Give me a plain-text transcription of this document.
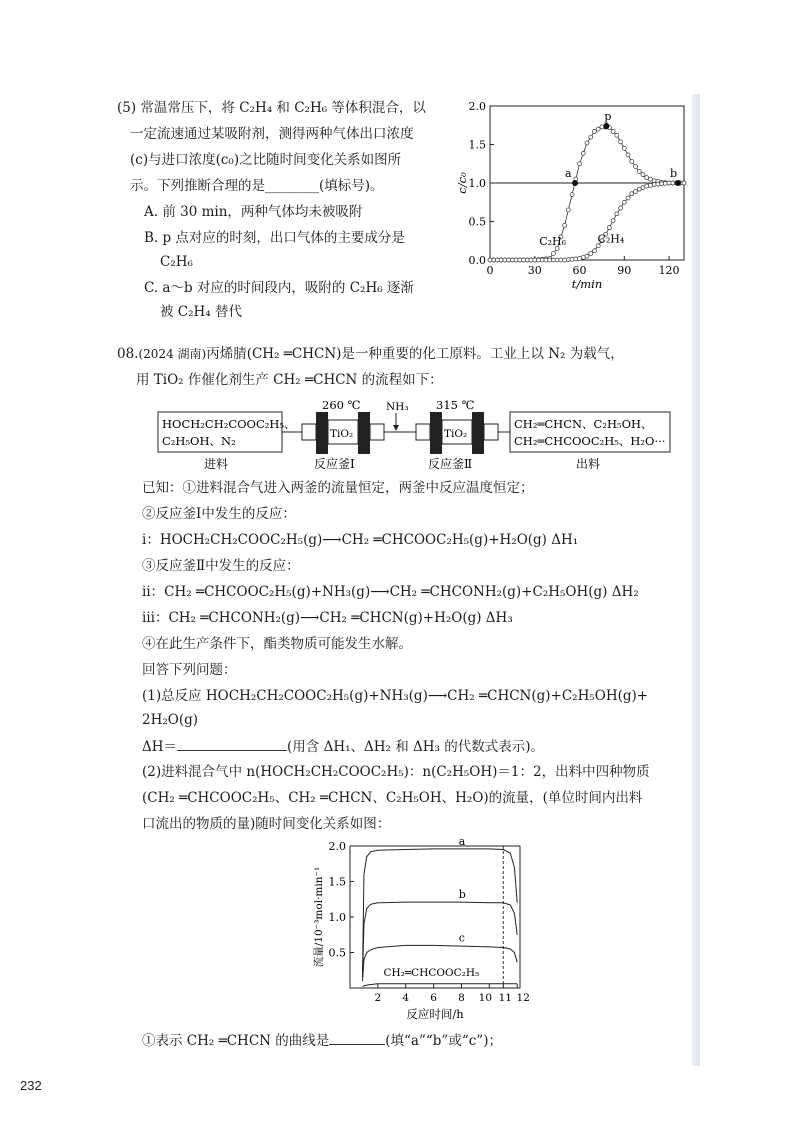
(5) 常温常压下，将 C₂H₄ 和 C₂H₆ 等体积混合，以
一定流速通过某吸附剂，测得两种气体出口浓度
(c)与进口浓度(c₀)之比随时间变化关系如图所
示。下列推断合理的是________(填标号)。
A. 前 30 min，两种气体均未被吸附
B. p 点对应的时刻，出口气体的主要成分是
C₂H₆
C. a～b 对应的时间段内，吸附的 C₂H₆ 逐渐
被 C₂H₄ 替代
0.0
0.5
1.0
1.5
2.0
0	30	60	90 120
t/min
c/c₀
C₂H₆	C₂H₄
a
p
b
08.(2024 湖南)丙烯腈(CH₂ ═CHCN)是一种重要的化工原料。工业上以 N₂ 为载气，
用 TiO₂ 作催化剂生产 CH₂ ═CHCN 的流程如下：
HOCH₂CH₂COOC₂H₅、
C₂H₅OH、N₂
进料
TiO₂
260 ℃
反应釜Ⅰ
NH₃
TiO₂
315 ℃
反应釜Ⅱ
CH₂═CHCN、C₂H₅OH、
CH₂═CHCOOC₂H₅、H₂O···
出料
已知：①进料混合气进入两釜的流量恒定，两釜中反应温度恒定；
②反应釜Ⅰ中发生的反应：
ⅰ：HOCH₂CH₂COOC₂H₅(g)⟶CH₂ ═CHCOOC₂H₅(g)+H₂O(g) ΔH₁
③反应釜Ⅱ中发生的反应：
ⅱ：CH₂ ═CHCOOC₂H₅(g)+NH₃(g)⟶CH₂ ═CHCONH₂(g)+C₂H₅OH(g) ΔH₂
ⅲ：CH₂ ═CHCONH₂(g)⟶CH₂ ═CHCN(g)+H₂O(g) ΔH₃
④在此生产条件下，酯类物质可能发生水解。
回答下列问题：
(1)总反应 HOCH₂CH₂COOC₂H₅(g)+NH₃(g)⟶CH₂ ═CHCN(g)+C₂H₅OH(g)+
2H₂O(g)
ΔH＝	(用含 ΔH₁、ΔH₂ 和 ΔH₃ 的代数式表示)。
(2)进料混合气中 n(HOCH₂CH₂COOC₂H₅)：n(C₂H₅OH)＝1：2，出料中四种物质
(CH₂ ═CHCOOC₂H₅、CH₂ ═CHCN、C₂H₅OH、H₂O)的流量，(单位时间内出料
口流出的物质的量)随时间变化关系如图：
0.5
1.0
1.5
2.0
2 4 6 8 10 11 12
反应时间/h
流量/10⁻³mol·min⁻¹
a
b
c
CH₂═CHCOOC₂H₅
①表示 CH₂ ═CHCN 的曲线是	(填“a”“b”或“c”)；
232
